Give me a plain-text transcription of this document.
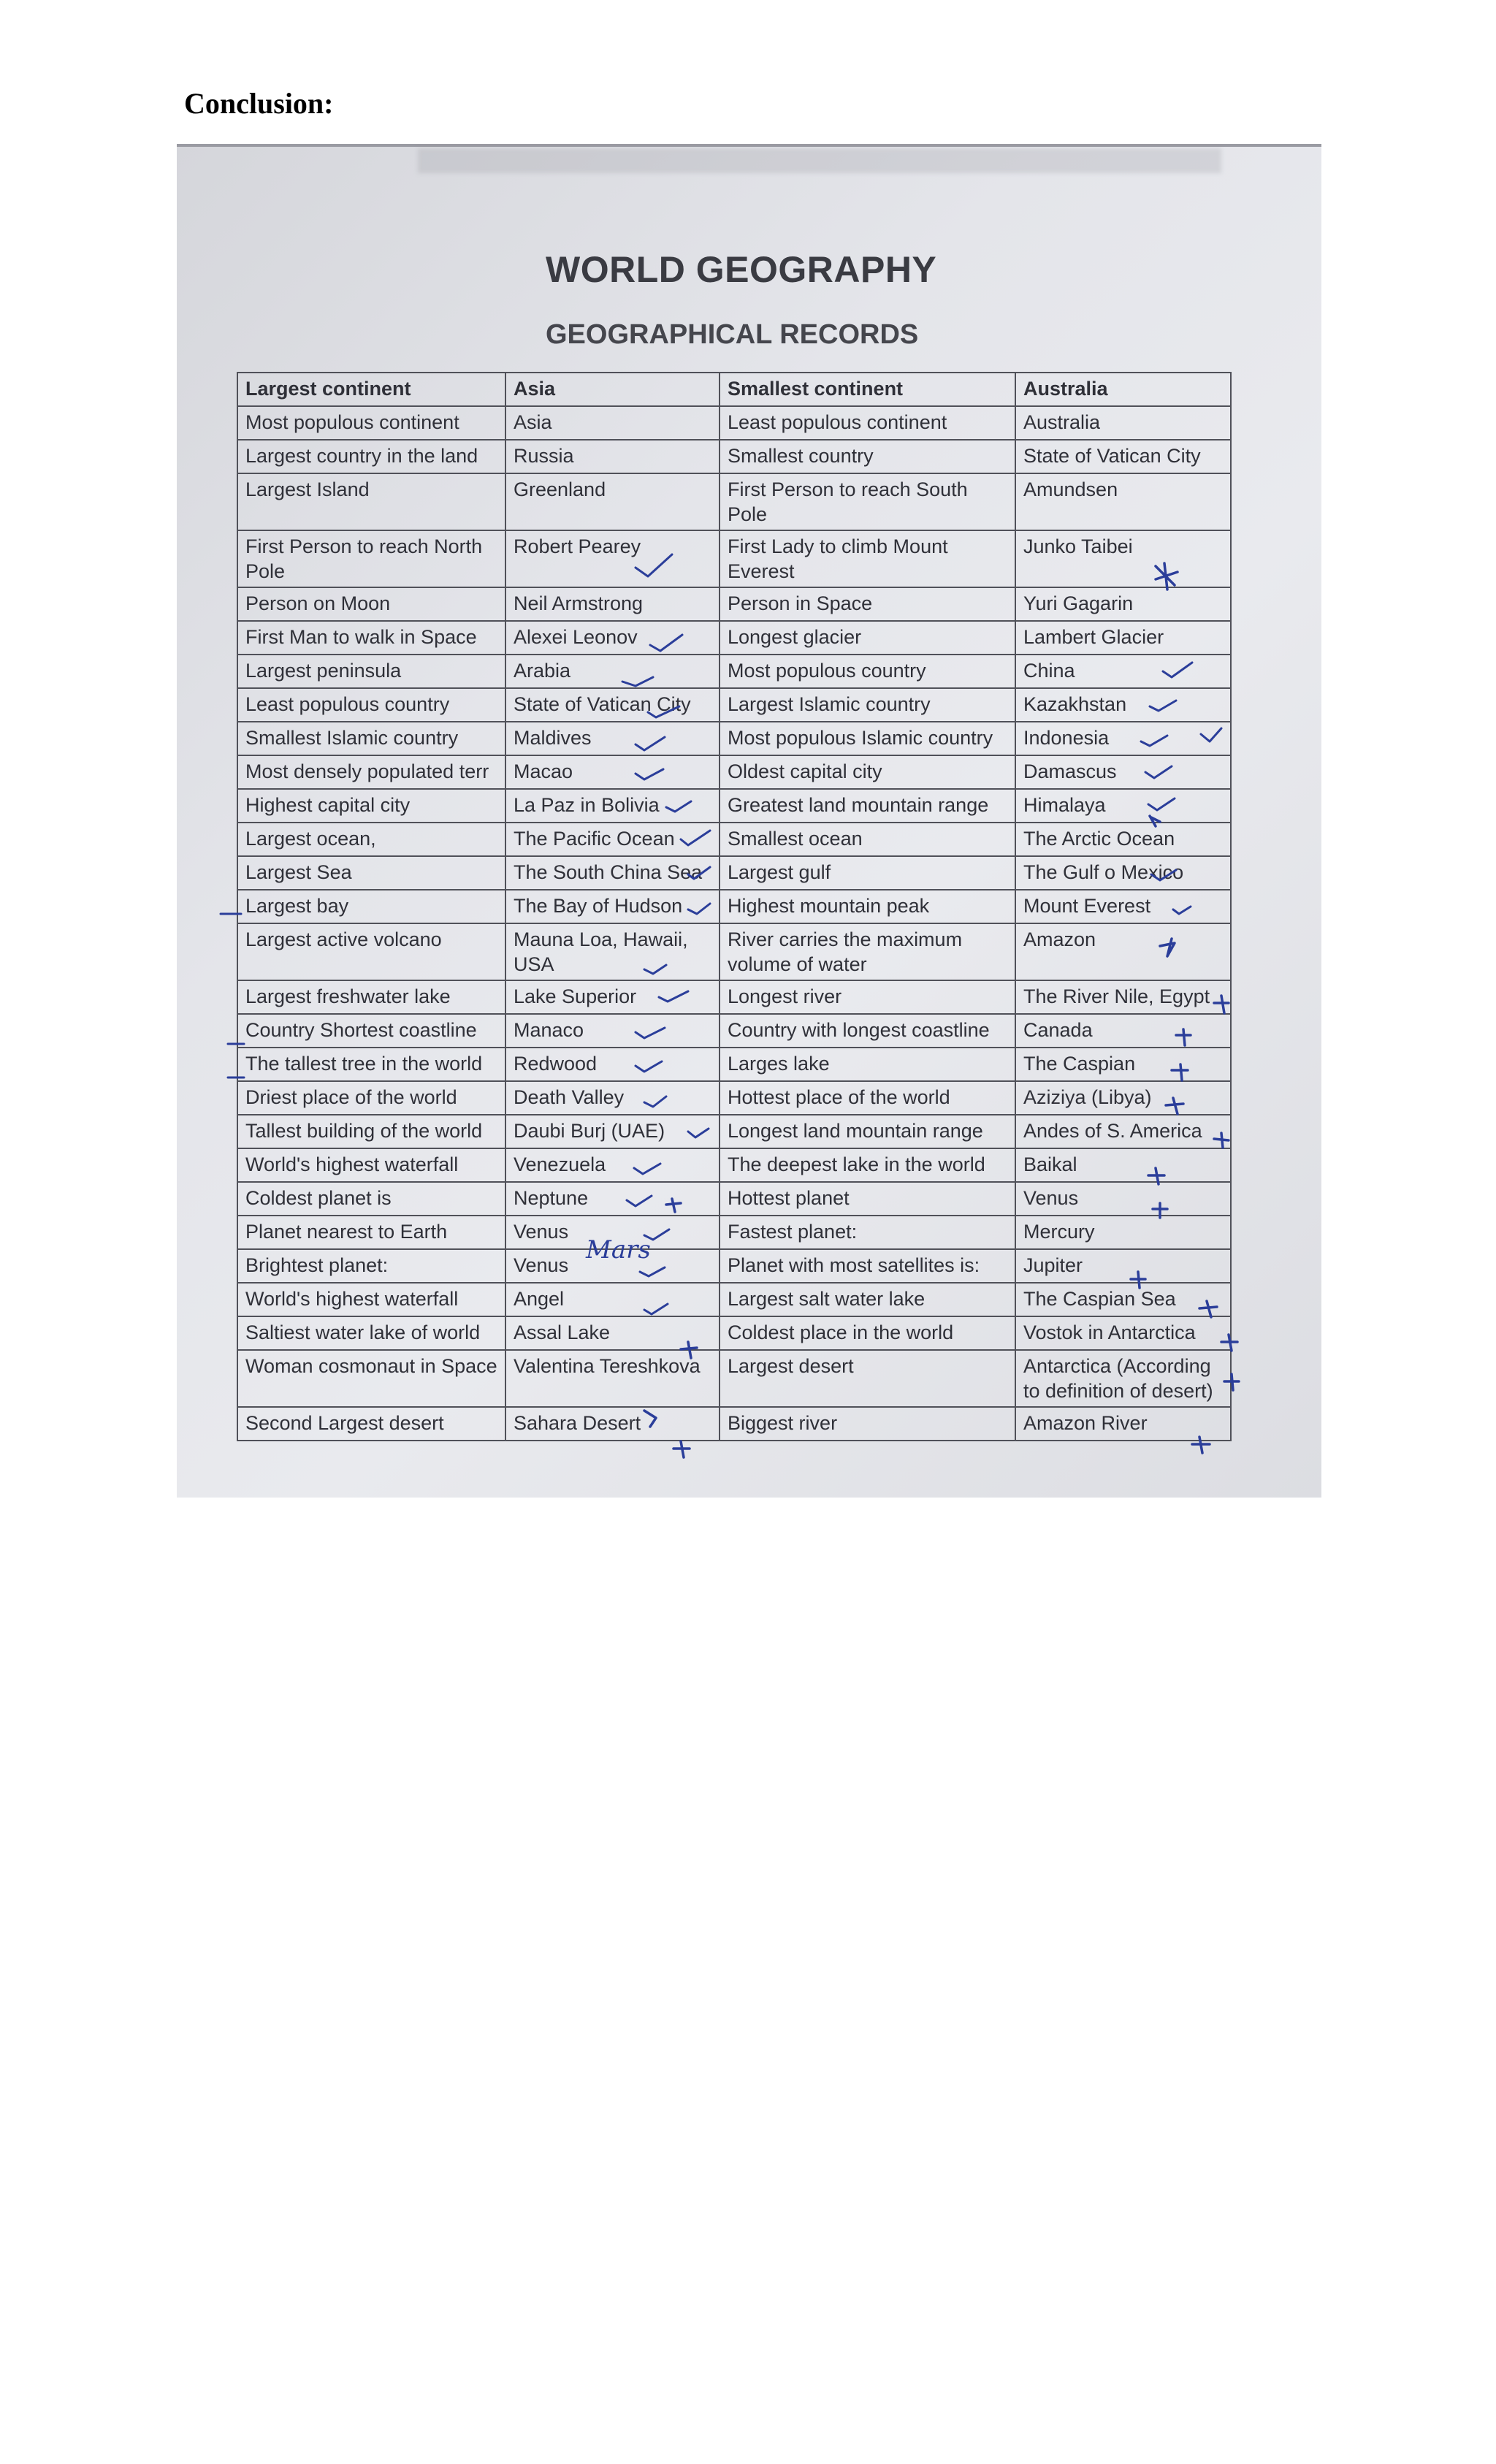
Conclusion:
WORLD GEOGRAPHY
GEOGRAPHICAL RECORDS
Largest continent	Asia	Smallest continent	Australia
Most populous continent	Asia	Least populous continent	Australia
Largest country in the land	Russia	Smallest country	State of Vatican City
Largest Island	Greenland	First Person to reach South Pole	Amundsen
First Person to reach North Pole	Robert Pearey	First Lady to climb Mount Everest	Junko Taibei
Person on Moon	Neil Armstrong	Person in Space	Yuri Gagarin
First Man to walk in Space	Alexei Leonov	Longest glacier	Lambert Glacier
Largest peninsula	Arabia	Most populous country	China
Least populous country	State of Vatican City	Largest Islamic country	Kazakhstan
Smallest Islamic country	Maldives	Most populous Islamic country	Indonesia
Most densely populated terr	Macao	Oldest capital city	Damascus
Highest capital city	La Paz in Bolivia	Greatest land mountain range	Himalaya
Largest ocean,	The Pacific Ocean	Smallest ocean	The Arctic Ocean
Largest Sea	The South China Sea	Largest gulf	The Gulf o Mexico
Largest bay	The Bay of Hudson	Highest mountain peak	Mount Everest
Largest active volcano	Mauna Loa, Hawaii, USA	River carries the maximum volume of water	Amazon
Largest freshwater lake	Lake Superior	Longest river	The River Nile, Egypt
Country Shortest coastline	Manaco	Country with longest coastline	Canada
The tallest tree in the world	Redwood	Larges lake	The Caspian
Driest place of the world	Death Valley	Hottest place of the world	Aziziya (Libya)
Tallest building of the world	Daubi Burj (UAE)	Longest land mountain range	Andes of S. America
World's highest waterfall	Venezuela	The deepest lake in the world	Baikal
Coldest planet is	Neptune	Hottest planet	Venus
Planet nearest to Earth	Venus	Fastest planet:	Mercury
Brightest planet:	Venus	Planet with most satellites is:	Jupiter
World's highest waterfall	Angel	Largest salt water lake	The Caspian Sea
Saltiest water lake of world	Assal Lake	Coldest place in the world	Vostok in Antarctica
Woman cosmonaut in Space	Valentina Tereshkova	Largest desert	Antarctica (According to definition of desert)
Second Largest desert	Sahara Desert	Biggest river	Amazon River
Mars
